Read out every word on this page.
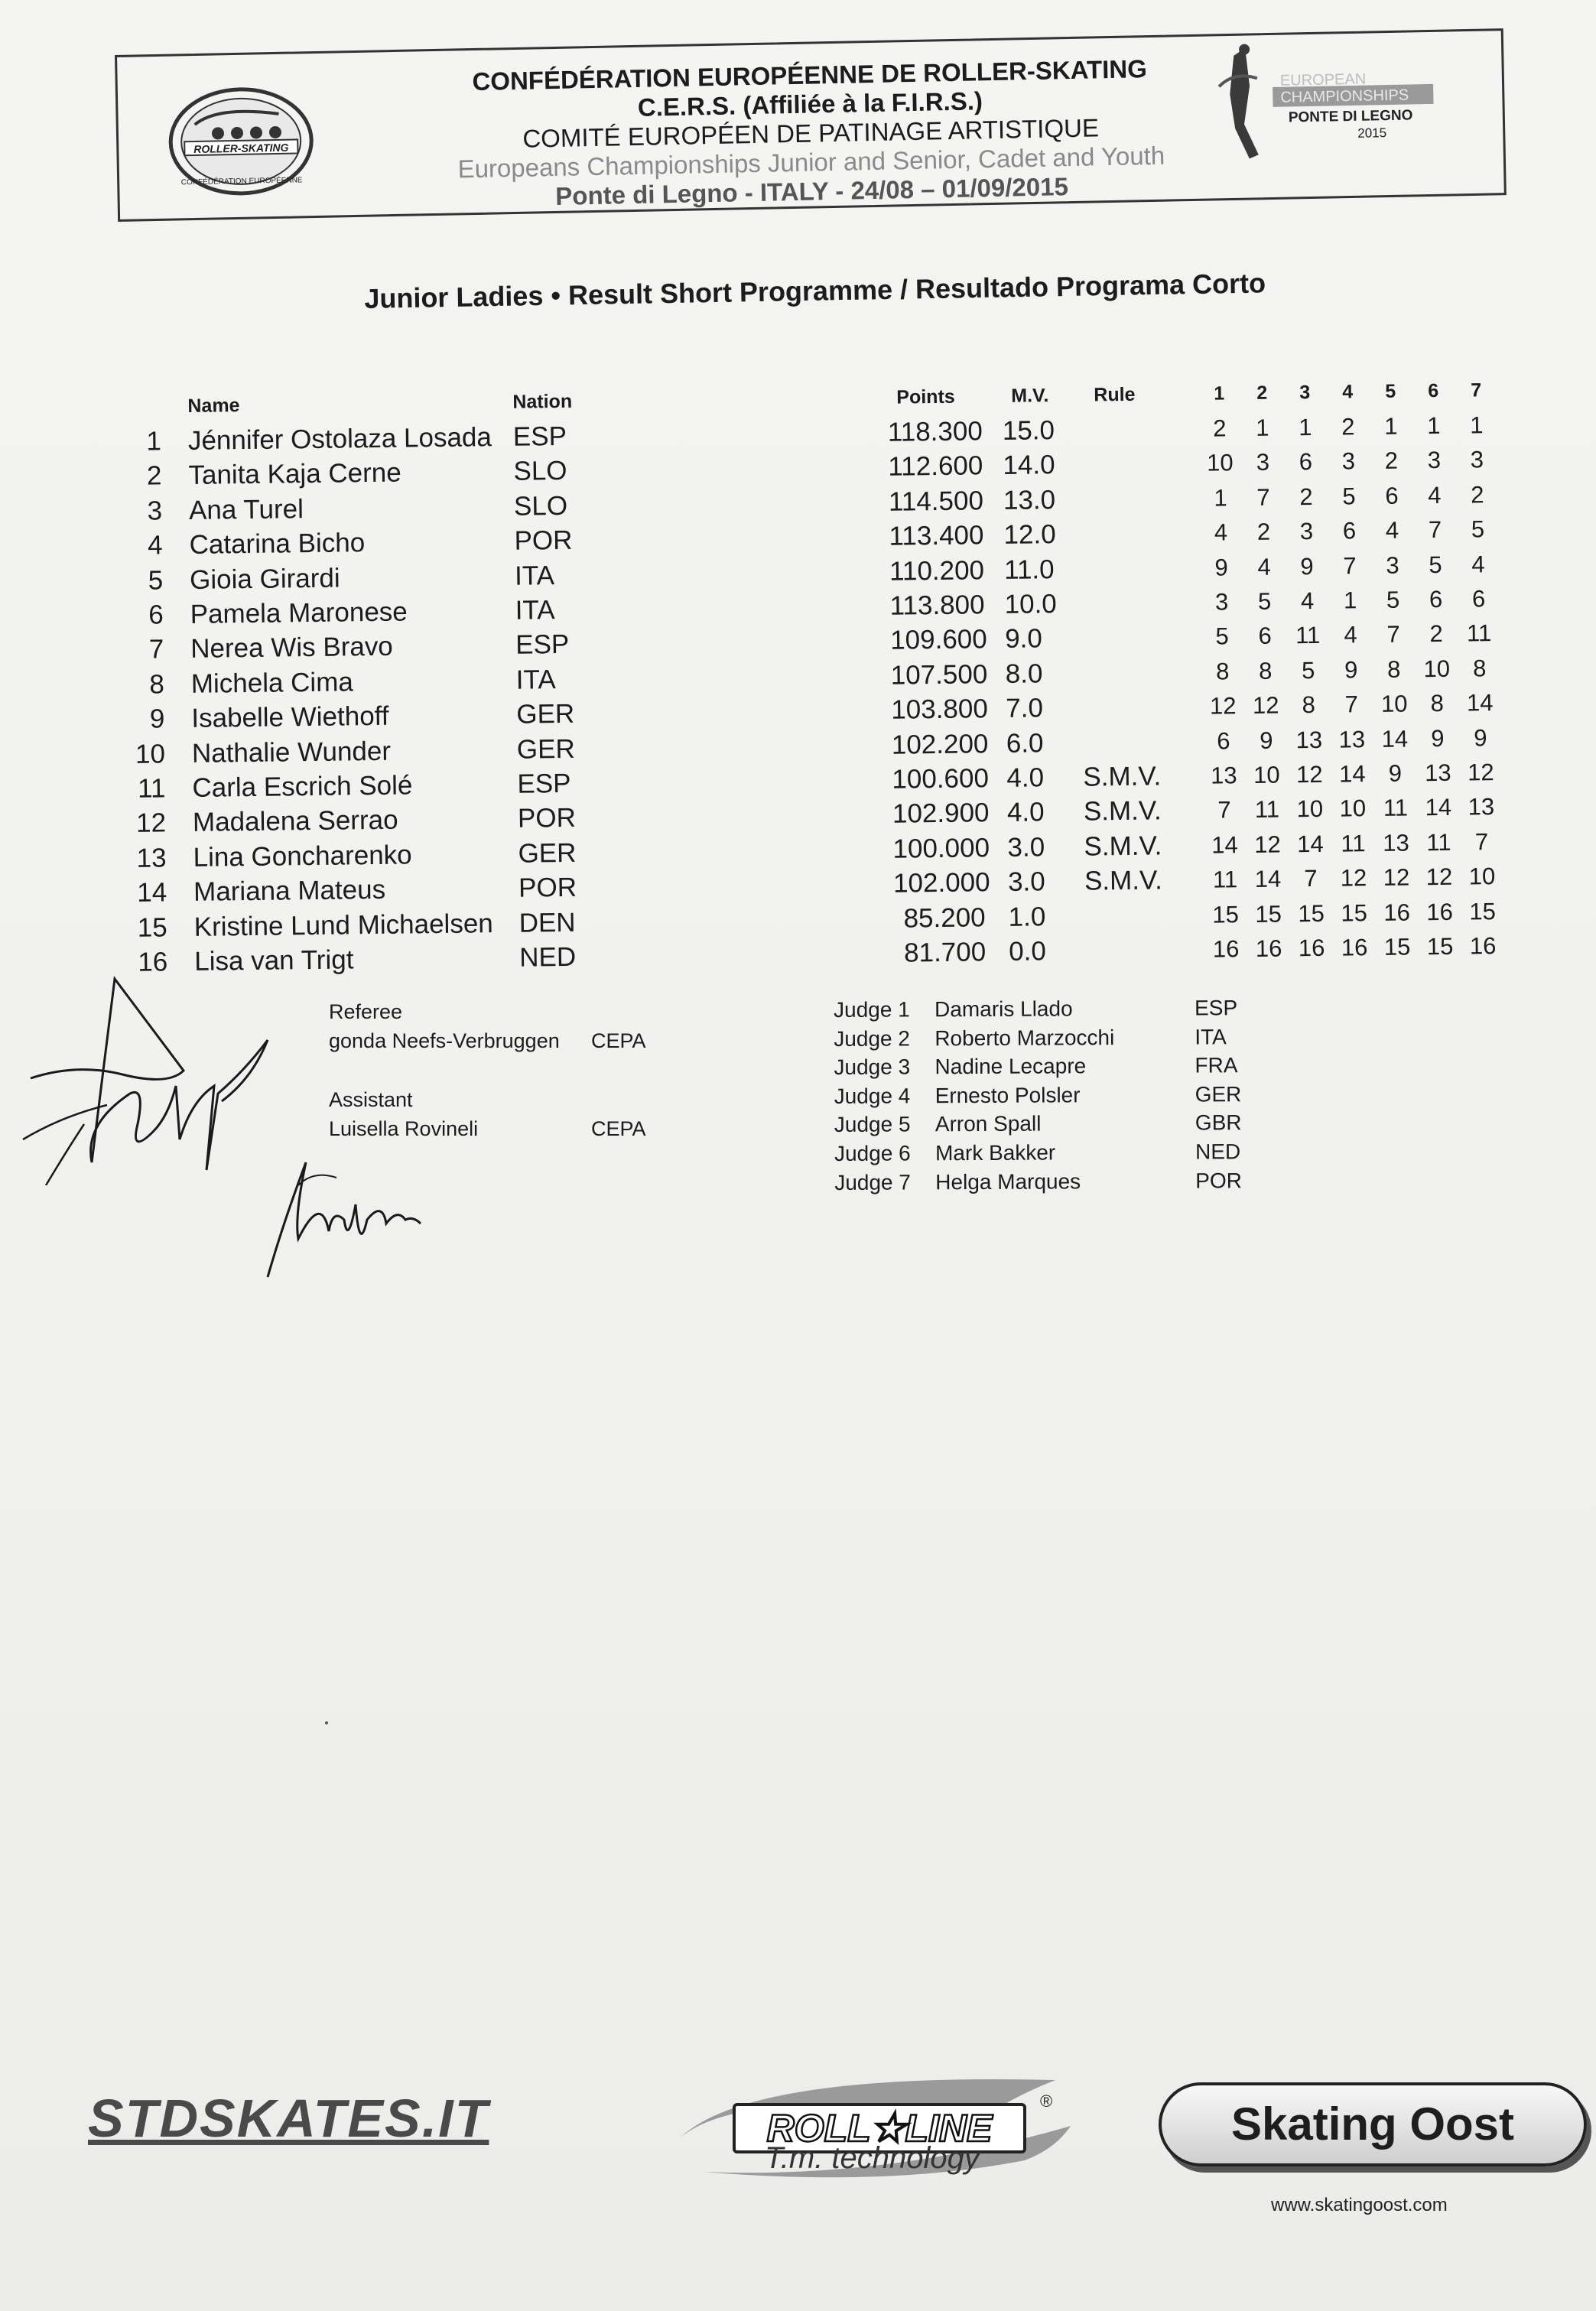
ROLLER-SKATING
CONFÉDÉRATION EUROPÉENNE
CONFÉDÉRATION EUROPÉENNE DE ROLLER-SKATING
C.E.R.S. (Affiliée à la F.I.R.S.)
COMITÉ EUROPÉEN DE PATINAGE ARTISTIQUE
Europeans Championships Junior and Senior, Cadet and Youth
Ponte di Legno - ITALY - 24/08 – 01/09/2015
EUROPEAN
CHAMPIONSHIPS
PONTE DI LEGNO
2015
Junior Ladies • Result Short Programme / Resultado Programa Corto
Name	Nation	Points	M.V. Rule	1	2	3	4	5	6	7
1 Jénnifer Ostolaza Losada ESP	118.300 15.0	2	1	1	2	1	1	1
2 Tanita Kaja Cerne	SLO	112.600 14.0	10 3	6	3	2	3	3
3 Ana Turel	SLO	114.500 13.0	1	7	2	5	6	4	2
4 Catarina Bicho	POR	113.400 12.0	4	2	3	6	4	7	5
5 Gioia Girardi	ITA	110.200 11.0	9	4	9	7	3	5	4
6 Pamela Maronese	ITA	113.800 10.0	3	5	4	1	5	6	6
7 Nerea Wis Bravo	ESP	109.600 9.0	5	6 11 4	7	2 11
8 Michela Cima	ITA	107.500 8.0	8	8	5	9	8 10 8
9 Isabelle Wiethoff	GER	103.800 7.0	12 12 8	7 10 8 14
10 Nathalie Wunder	GER	102.200 6.0	6	9 13 13 14 9	9
11 Carla Escrich Solé	ESP	100.600 4.0 S.M.V. 13 10 12 14 9 13 12
12 Madalena Serrao	POR	102.900 4.0 S.M.V.	7 11 10 10 11 14 13
13 Lina Goncharenko	GER	100.000 3.0 S.M.V. 14 12 14 11 13 11 7
14 Mariana Mateus	POR	102.000 3.0 S.M.V. 11 14 7 12 12 12 10
15 Kristine Lund Michaelsen DEN	85.200 1.0	15 15 15 15 16 16 15
16 Lisa van Trigt	NED	81.700 0.0	16 16 16 16 15 15 16
Referee
gonda Neefs-Verbruggen CEPA
Assistant
Luisella Rovineli	CEPA
Judge 1 Damaris Llado	ESP
Judge 2 Roberto Marzocchi	ITA
Judge 3 Nadine Lecapre	FRA
Judge 4 Ernesto Polsler	GER
Judge 5 Arron Spall	GBR
Judge 6 Mark Bakker	NED
Judge 7 Helga Marques	POR
STDSKATES.IT	ROLL★LINE
®
T.m. technology
Skating Oost
www.skatingoost.com
